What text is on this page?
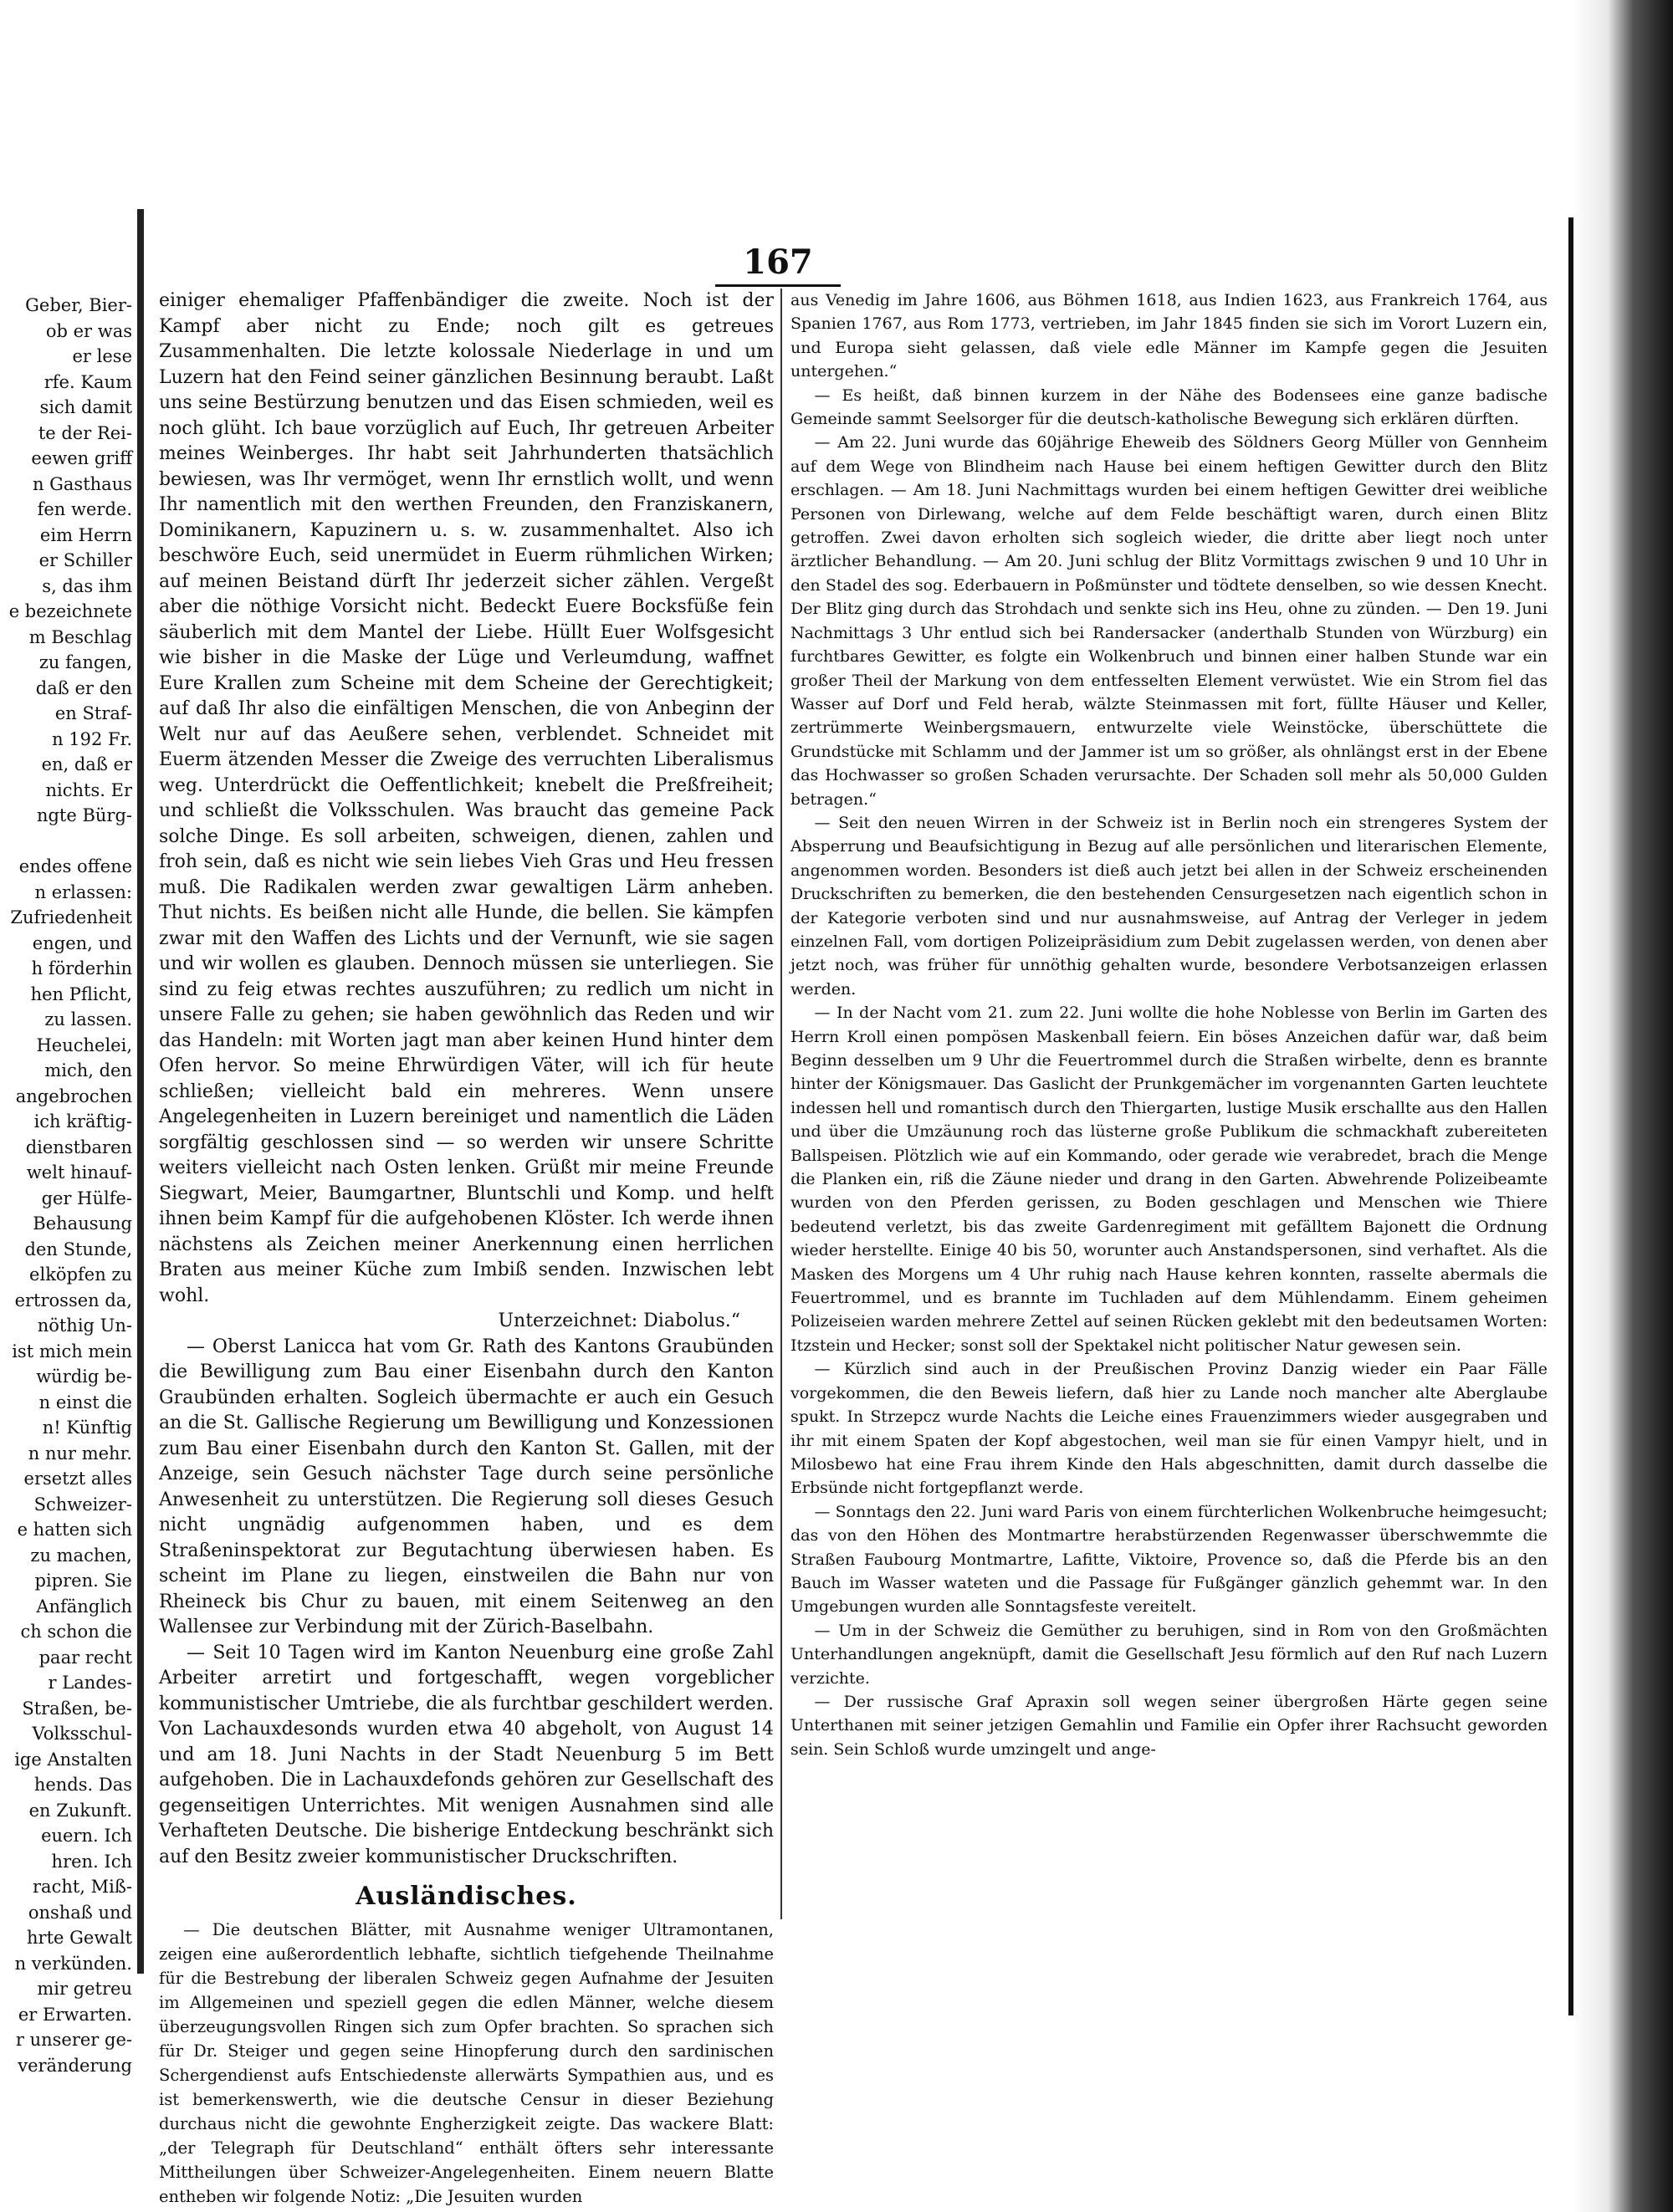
Geber, Bier-
ob er was
er lese
rfe. Kaum
sich damit
te der Rei-
eewen griff
n Gasthaus
fen werde.
eim Herrn
er Schiller
s, das ihm
e bezeichnete
m Beschlag
zu fangen,
daß er den
en Straf-
n 192 Fr.
en, daß er
nichts. Er
ngte Bürg-

endes offene
n erlassen:
Zufriedenheit
engen, und
h förderhin
hen Pflicht,
zu lassen.
Heuchelei,
mich, den
angebrochen
ich kräftig-
dienstbaren
welt hinauf-
ger Hülfe-
Behausung
den Stunde,
elköpfen zu
ertrossen da,
nöthig Un-
ist mich mein
würdig be-
n einst die
n! Künftig
n nur mehr.
ersetzt alles
Schweizer-
e hatten sich
zu machen,
pipren. Sie
Anfänglich
ch schon die
paar recht
r Landes-
Straßen, be-
Volksschul-
ige Anstalten
hends. Das
en Zukunft.
euern. Ich
hren. Ich
racht, Miß-
onshaß und
hrte Gewalt
n verkünden.
mir getreu
er Erwarten.
r unserer ge-
veränderung
167

einiger ehemaliger Pfaffenbändiger die zweite. Noch ist der Kampf aber nicht zu Ende; noch gilt es getreues Zusammenhalten. Die letzte kolossale Niederlage in und um Luzern hat den Feind seiner gänzlichen Besinnung beraubt. Laßt uns seine Bestürzung benutzen und das Eisen schmieden, weil es noch glüht. Ich baue vorzüglich auf Euch, Ihr getreuen Arbeiter meines Weinberges. Ihr habt seit Jahrhunderten thatsächlich bewiesen, was Ihr vermöget, wenn Ihr ernstlich wollt, und wenn Ihr namentlich mit den werthen Freunden, den Franziskanern, Dominikanern, Kapuzinern u. s. w. zusammenhaltet. Also ich beschwöre Euch, seid unermüdet in Euerm rühmlichen Wirken; auf meinen Beistand dürft Ihr jederzeit sicher zählen. Vergeßt aber die nöthige Vorsicht nicht. Bedeckt Euere Bocksfüße fein säuberlich mit dem Mantel der Liebe. Hüllt Euer Wolfsgesicht wie bisher in die Maske der Lüge und Verleumdung, waffnet Eure Krallen zum Scheine mit dem Scheine der Gerechtigkeit; auf daß Ihr also die einfältigen Menschen, die von Anbeginn der Welt nur auf das Aeußere sehen, verblendet. Schneidet mit Euerm ätzenden Messer die Zweige des verruchten Liberalismus weg. Unterdrückt die Oeffentlichkeit; knebelt die Preßfreiheit; und schließt die Volksschulen. Was braucht das gemeine Pack solche Dinge. Es soll arbeiten, schweigen, dienen, zahlen und froh sein, daß es nicht wie sein liebes Vieh Gras und Heu fressen muß. Die Radikalen werden zwar gewaltigen Lärm anheben. Thut nichts. Es beißen nicht alle Hunde, die bellen. Sie kämpfen zwar mit den Waffen des Lichts und der Vernunft, wie sie sagen und wir wollen es glauben. Dennoch müssen sie unterliegen. Sie sind zu feig etwas rechtes auszuführen; zu redlich um nicht in unsere Falle zu gehen; sie haben gewöhnlich das Reden und wir das Handeln: mit Worten jagt man aber keinen Hund hinter dem Ofen hervor. So meine Ehrwürdigen Väter, will ich für heute schließen; vielleicht bald ein mehreres. Wenn unsere Angelegenheiten in Luzern bereiniget und namentlich die Läden sorgfältig geschlossen sind — so werden wir unsere Schritte weiters vielleicht nach Osten lenken. Grüßt mir meine Freunde Siegwart, Meier, Baumgartner, Bluntschli und Komp. und helft ihnen beim Kampf für die aufgehobenen Klöster. Ich werde ihnen nächstens als Zeichen meiner Anerkennung einen herrlichen Braten aus meiner Küche zum Imbiß senden. Inzwischen lebt wohl.

Unterzeichnet: Diabolus.“

— Oberst Lanicca hat vom Gr. Rath des Kantons Graubünden die Bewilligung zum Bau einer Eisenbahn durch den Kanton Graubünden erhalten. Sogleich übermachte er auch ein Gesuch an die St. Gallische Regierung um Bewilligung und Konzessionen zum Bau einer Eisenbahn durch den Kanton St. Gallen, mit der Anzeige, sein Gesuch nächster Tage durch seine persönliche Anwesenheit zu unterstützen. Die Regierung soll dieses Gesuch nicht ungnädig aufgenommen haben, und es dem Straßeninspektorat zur Begutachtung überwiesen haben. Es scheint im Plane zu liegen, einstweilen die Bahn nur von Rheineck bis Chur zu bauen, mit einem Seitenweg an den Wallensee zur Verbindung mit der Zürich-Baselbahn.

— Seit 10 Tagen wird im Kanton Neuenburg eine große Zahl Arbeiter arretirt und fortgeschafft, wegen vorgeblicher kommunistischer Umtriebe, die als furchtbar geschildert werden. Von Lachauxdesonds wurden etwa 40 abgeholt, von August 14 und am 18. Juni Nachts in der Stadt Neuenburg 5 im Bett aufgehoben. Die in Lachauxdefonds gehören zur Gesellschaft des gegenseitigen Unterrichtes. Mit wenigen Ausnahmen sind alle Verhafteten Deutsche. Die bisherige Entdeckung beschränkt sich auf den Besitz zweier kommunistischer Druckschriften.

Ausländisches.

— Die deutschen Blätter, mit Ausnahme weniger Ultramontanen, zeigen eine außerordentlich lebhafte, sichtlich tiefgehende Theilnahme für die Bestrebung der liberalen Schweiz gegen Aufnahme der Jesuiten im Allgemeinen und speziell gegen die edlen Männer, welche diesem überzeugungsvollen Ringen sich zum Opfer brachten. So sprachen sich für Dr. Steiger und gegen seine Hinopferung durch den sardinischen Schergendienst aufs Entschiedenste allerwärts Sympathien aus, und es ist bemerkenswerth, wie die deutsche Censur in dieser Beziehung durchaus nicht die gewohnte Engherzigkeit zeigte. Das wackere Blatt: „der Telegraph für Deutschland“ enthält öfters sehr interessante Mittheilungen über Schweizer-Angelegenheiten. Einem neuern Blatte entheben wir folgende Notiz: „Die Jesuiten wurden

aus Venedig im Jahre 1606, aus Böhmen 1618, aus Indien 1623, aus Frankreich 1764, aus Spanien 1767, aus Rom 1773, vertrieben, im Jahr 1845 finden sie sich im Vorort Luzern ein, und Europa sieht gelassen, daß viele edle Männer im Kampfe gegen die Jesuiten untergehen.“

— Es heißt, daß binnen kurzem in der Nähe des Bodensees eine ganze badische Gemeinde sammt Seelsorger für die deutsch-katholische Bewegung sich erklären dürften.

— Am 22. Juni wurde das 60jährige Eheweib des Söldners Georg Müller von Gennheim auf dem Wege von Blindheim nach Hause bei einem heftigen Gewitter durch den Blitz erschlagen. — Am 18. Juni Nachmittags wurden bei einem heftigen Gewitter drei weibliche Personen von Dirlewang, welche auf dem Felde beschäftigt waren, durch einen Blitz getroffen. Zwei davon erholten sich sogleich wieder, die dritte aber liegt noch unter ärztlicher Behandlung. — Am 20. Juni schlug der Blitz Vormittags zwischen 9 und 10 Uhr in den Stadel des sog. Ederbauern in Poßmünster und tödtete denselben, so wie dessen Knecht. Der Blitz ging durch das Strohdach und senkte sich ins Heu, ohne zu zünden. — Den 19. Juni Nachmittags 3 Uhr entlud sich bei Randersacker (anderthalb Stunden von Würzburg) ein furchtbares Gewitter, es folgte ein Wolkenbruch und binnen einer halben Stunde war ein großer Theil der Markung von dem entfesselten Element verwüstet. Wie ein Strom fiel das Wasser auf Dorf und Feld herab, wälzte Steinmassen mit fort, füllte Häuser und Keller, zertrümmerte Weinbergsmauern, entwurzelte viele Weinstöcke, überschüttete die Grundstücke mit Schlamm und der Jammer ist um so größer, als ohnlängst erst in der Ebene das Hochwasser so großen Schaden verursachte. Der Schaden soll mehr als 50,000 Gulden betragen.“

— Seit den neuen Wirren in der Schweiz ist in Berlin noch ein strengeres System der Absperrung und Beaufsichtigung in Bezug auf alle persönlichen und literarischen Elemente, angenommen worden. Besonders ist dieß auch jetzt bei allen in der Schweiz erscheinenden Druckschriften zu bemerken, die den bestehenden Censurgesetzen nach eigentlich schon in der Kategorie verboten sind und nur ausnahmsweise, auf Antrag der Verleger in jedem einzelnen Fall, vom dortigen Polizeipräsidium zum Debit zugelassen werden, von denen aber jetzt noch, was früher für unnöthig gehalten wurde, besondere Verbotsanzeigen erlassen werden.

— In der Nacht vom 21. zum 22. Juni wollte die hohe Noblesse von Berlin im Garten des Herrn Kroll einen pompösen Maskenball feiern. Ein böses Anzeichen dafür war, daß beim Beginn desselben um 9 Uhr die Feuertrommel durch die Straßen wirbelte, denn es brannte hinter der Königsmauer. Das Gaslicht der Prunkgemächer im vorgenannten Garten leuchtete indessen hell und romantisch durch den Thiergarten, lustige Musik erschallte aus den Hallen und über die Umzäunung roch das lüsterne große Publikum die schmackhaft zubereiteten Ballspeisen. Plötzlich wie auf ein Kommando, oder gerade wie verabredet, brach die Menge die Planken ein, riß die Zäune nieder und drang in den Garten. Abwehrende Polizeibeamte wurden von den Pferden gerissen, zu Boden geschlagen und Menschen wie Thiere bedeutend verletzt, bis das zweite Gardenregiment mit gefälltem Bajonett die Ordnung wieder herstellte. Einige 40 bis 50, worunter auch Anstandspersonen, sind verhaftet. Als die Masken des Morgens um 4 Uhr ruhig nach Hause kehren konnten, rasselte abermals die Feuertrommel, und es brannte im Tuchladen auf dem Mühlendamm. Einem geheimen Polizeiseien warden mehrere Zettel auf seinen Rücken geklebt mit den bedeutsamen Worten: Itzstein und Hecker; sonst soll der Spektakel nicht politischer Natur gewesen sein.

— Kürzlich sind auch in der Preußischen Provinz Danzig wieder ein Paar Fälle vorgekommen, die den Beweis liefern, daß hier zu Lande noch mancher alte Aberglaube spukt. In Strzepcz wurde Nachts die Leiche eines Frauenzimmers wieder ausgegraben und ihr mit einem Spaten der Kopf abgestochen, weil man sie für einen Vampyr hielt, und in Milosbewo hat eine Frau ihrem Kinde den Hals abgeschnitten, damit durch dasselbe die Erbsünde nicht fortgepflanzt werde.

— Sonntags den 22. Juni ward Paris von einem fürchterlichen Wolkenbruche heimgesucht; das von den Höhen des Montmartre herabstürzenden Regenwasser überschwemmte die Straßen Faubourg Montmartre, Lafitte, Viktoire, Provence so, daß die Pferde bis an den Bauch im Wasser wateten und die Passage für Fußgänger gänzlich gehemmt war. In den Umgebungen wurden alle Sonntagsfeste vereitelt.

— Um in der Schweiz die Gemüther zu beruhigen, sind in Rom von den Großmächten Unterhandlungen angeknüpft, damit die Gesellschaft Jesu förmlich auf den Ruf nach Luzern verzichte.

— Der russische Graf Apraxin soll wegen seiner übergroßen Härte gegen seine Unterthanen mit seiner jetzigen Gemahlin und Familie ein Opfer ihrer Rachsucht geworden sein. Sein Schloß wurde umzingelt und ange-
